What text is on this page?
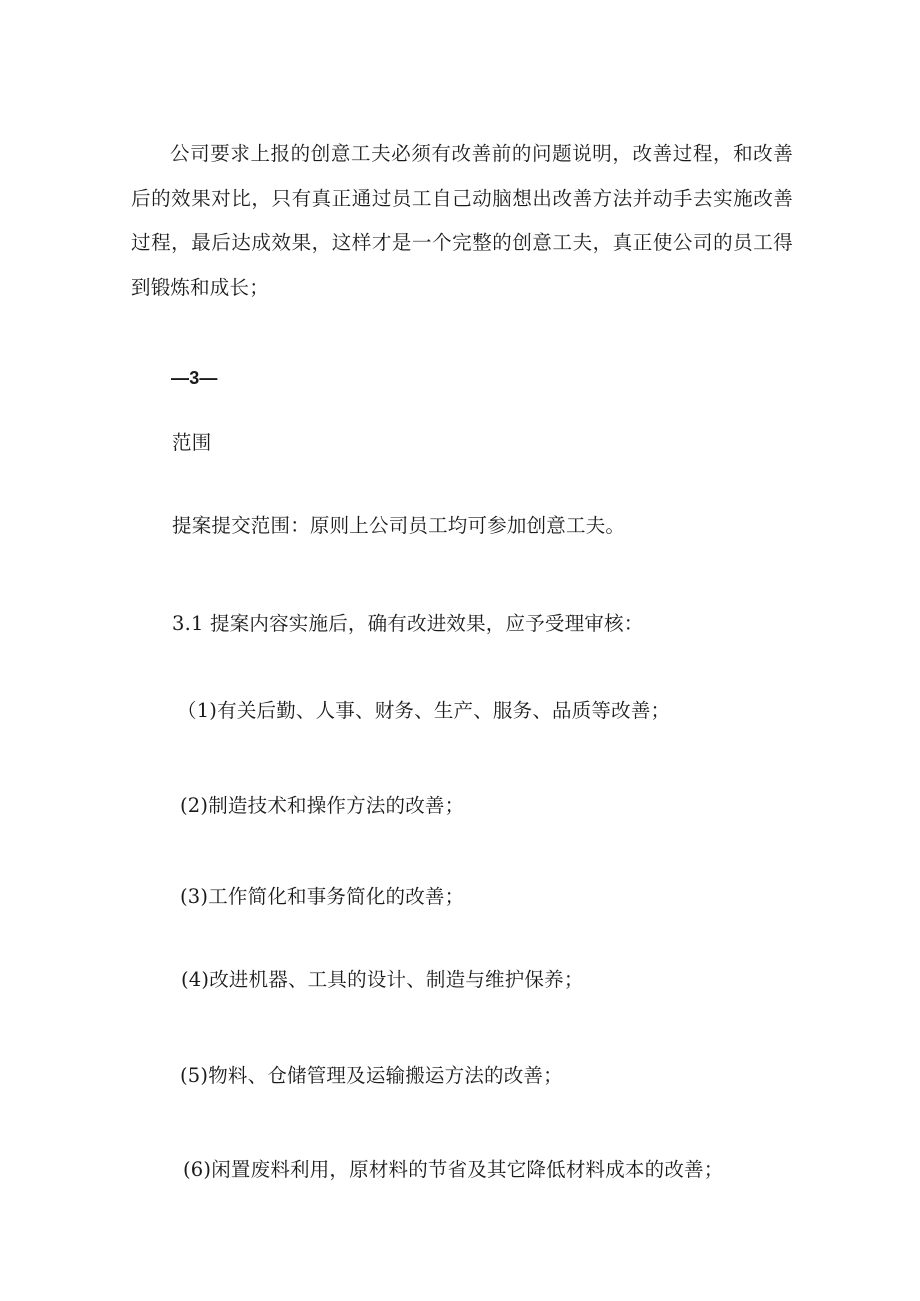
公司要求上报的创意工夫必须有改善前的问题说明，改善过程，和改善后的效果对比，只有真正通过员工自己动脑想出改善方法并动手去实施改善过程，最后达成效果，这样才是一个完整的创意工夫，真正使公司的员工得到锻炼和成长；

—3—
范围
提案提交范围：原则上公司员工均可参加创意工夫。
3.1 提案内容实施后，确有改进效果，应予受理审核：
（1)有关后勤、人事、财务、生产、服务、品质等改善；
(2)制造技术和操作方法的改善；
(3)工作简化和事务简化的改善；
(4)改进机器、工具的设计、制造与维护保养；
(5)物料、仓储管理及运输搬运方法的改善；
(6)闲置废料利用，原材料的节省及其它降低材料成本的改善；
